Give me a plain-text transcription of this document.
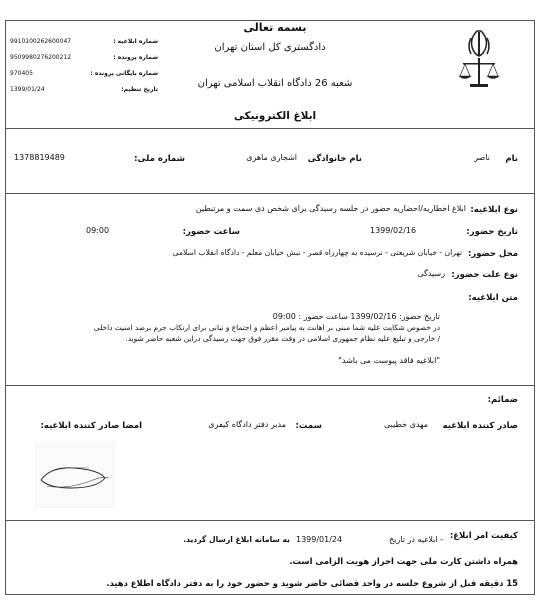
بسمه تعالی
دادگستری کل استان تهران
شعبه 26 دادگاه انقلاب اسلامی تهران
ابلاغ الکترونیکی
9910100262600047	شماره ابلاغیه :
9509980276200212	شماره پرونده :
970405	شماره بایگانی پرونده :
1399/01/24	تاریخ تنظیم:
نام
ناصر
نام خانوادگی
اشجاری ماهری
شماره ملی:
1378819489
نوع ابلاغیه:
ابلاغ اخطاریه/احضاریه حضور در جلسه رسیدگی برای شخص ذی سمت و مرتبطین
تاریخ حضور:
1399/02/16
ساعت حضور:
09:00
محل حضور:
تهران - خیابان شریعتی - نرسیده به چهارراه قصر - نبش خیابان معلم - دادگاه انقلاب اسلامی
نوع علت حضور:
رسیدگی
متن ابلاغیه:
تاریخ حضور: 1399/02/16 ساعت حضور : 09:00
در خصوص شکایت علیه شما مبنی بر اهانت به پیامبر اعظم و اجتماع و تبانی برای ارتکاب جرم برضد امنیت داخلی
/ خارجی و تبلیغ علیه نظام جمهوری اسلامی در وقت مقرر فوق جهت رسیدگی دراین شعبه حاضر شوید.
"ابلاغیه فاقد پیوست می باشد"
ضمائم:
صادر کننده ابلاغیه
مهدی خطیبی
سمت:
مدیر دفتر دادگاه کیفری
امضا صادر کننده ابلاغیه:
کیفیت امر ابلاغ:
- ابلاغیه در تاریخ
1399/01/24
به سامانه ابلاغ ارسال گردید.
همراه داشتن کارت ملی جهت احراز هویت الزامی است.
15 دقیقه قبل از شروع جلسه در واحد قضائی حاضر شوید و حضور خود را به دفتر دادگاه اطلاع دهید.
